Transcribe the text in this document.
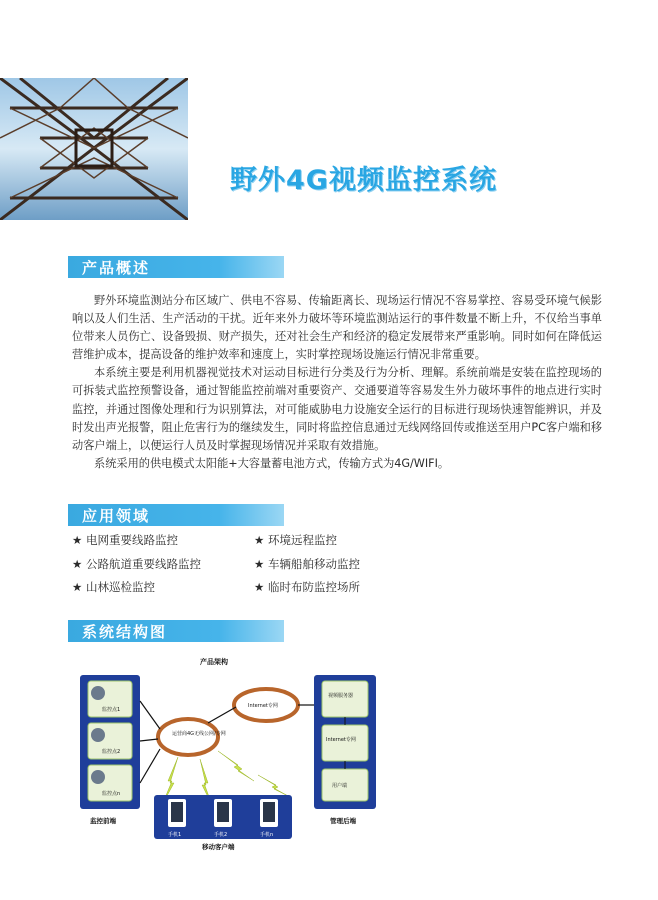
野外4G视频监控系统
产品概述

野外环境监测站分布区域广、供电不容易、传输距离长、现场运行情况不容易掌控、容易受环境气候影响以及人们生活、生产活动的干扰。近年来外力破坏等环境监测站运行的事件数量不断上升，不仅给当事单位带来人员伤亡、设备毁损、财产损失，还对社会生产和经济的稳定发展带来严重影响。同时如何在降低运营维护成本，提高设备的维护效率和速度上，实时掌控现场设施运行情况非常重要。

本系统主要是利用机器视觉技术对运动目标进行分类及行为分析、理解。系统前端是安装在监控现场的可拆装式监控预警设备，通过智能监控前端对重要资产、交通要道等容易发生外力破坏事件的地点进行实时监控，并通过图像处理和行为识别算法，对可能威胁电力设施安全运行的目标进行现场快速智能辨识，并及时发出声光报警，阻止危害行为的继续发生，同时将监控信息通过无线网络回传或推送至用户PC客户端和移动客户端上，以便运行人员及时掌握现场情况并采取有效措施。

系统采用的供电模式太阳能+大容量蓄电池方式，传输方式为4G/WIFI。

应用领域
★ 电网重要线路监控	★ 环境远程监控
★ 公路航道重要线路监控	★ 车辆船舶移动监控
★ 山林巡检监控	★ 临时布防监控场所
系统结构图
产品架构
监控点1
监控点2
监控点n
监控前端
运营商4G无线公网/专网
Internet专网
视频服务器
Internet专网
用户端
管理后端
手机1	手机2	手机n
移动客户端
